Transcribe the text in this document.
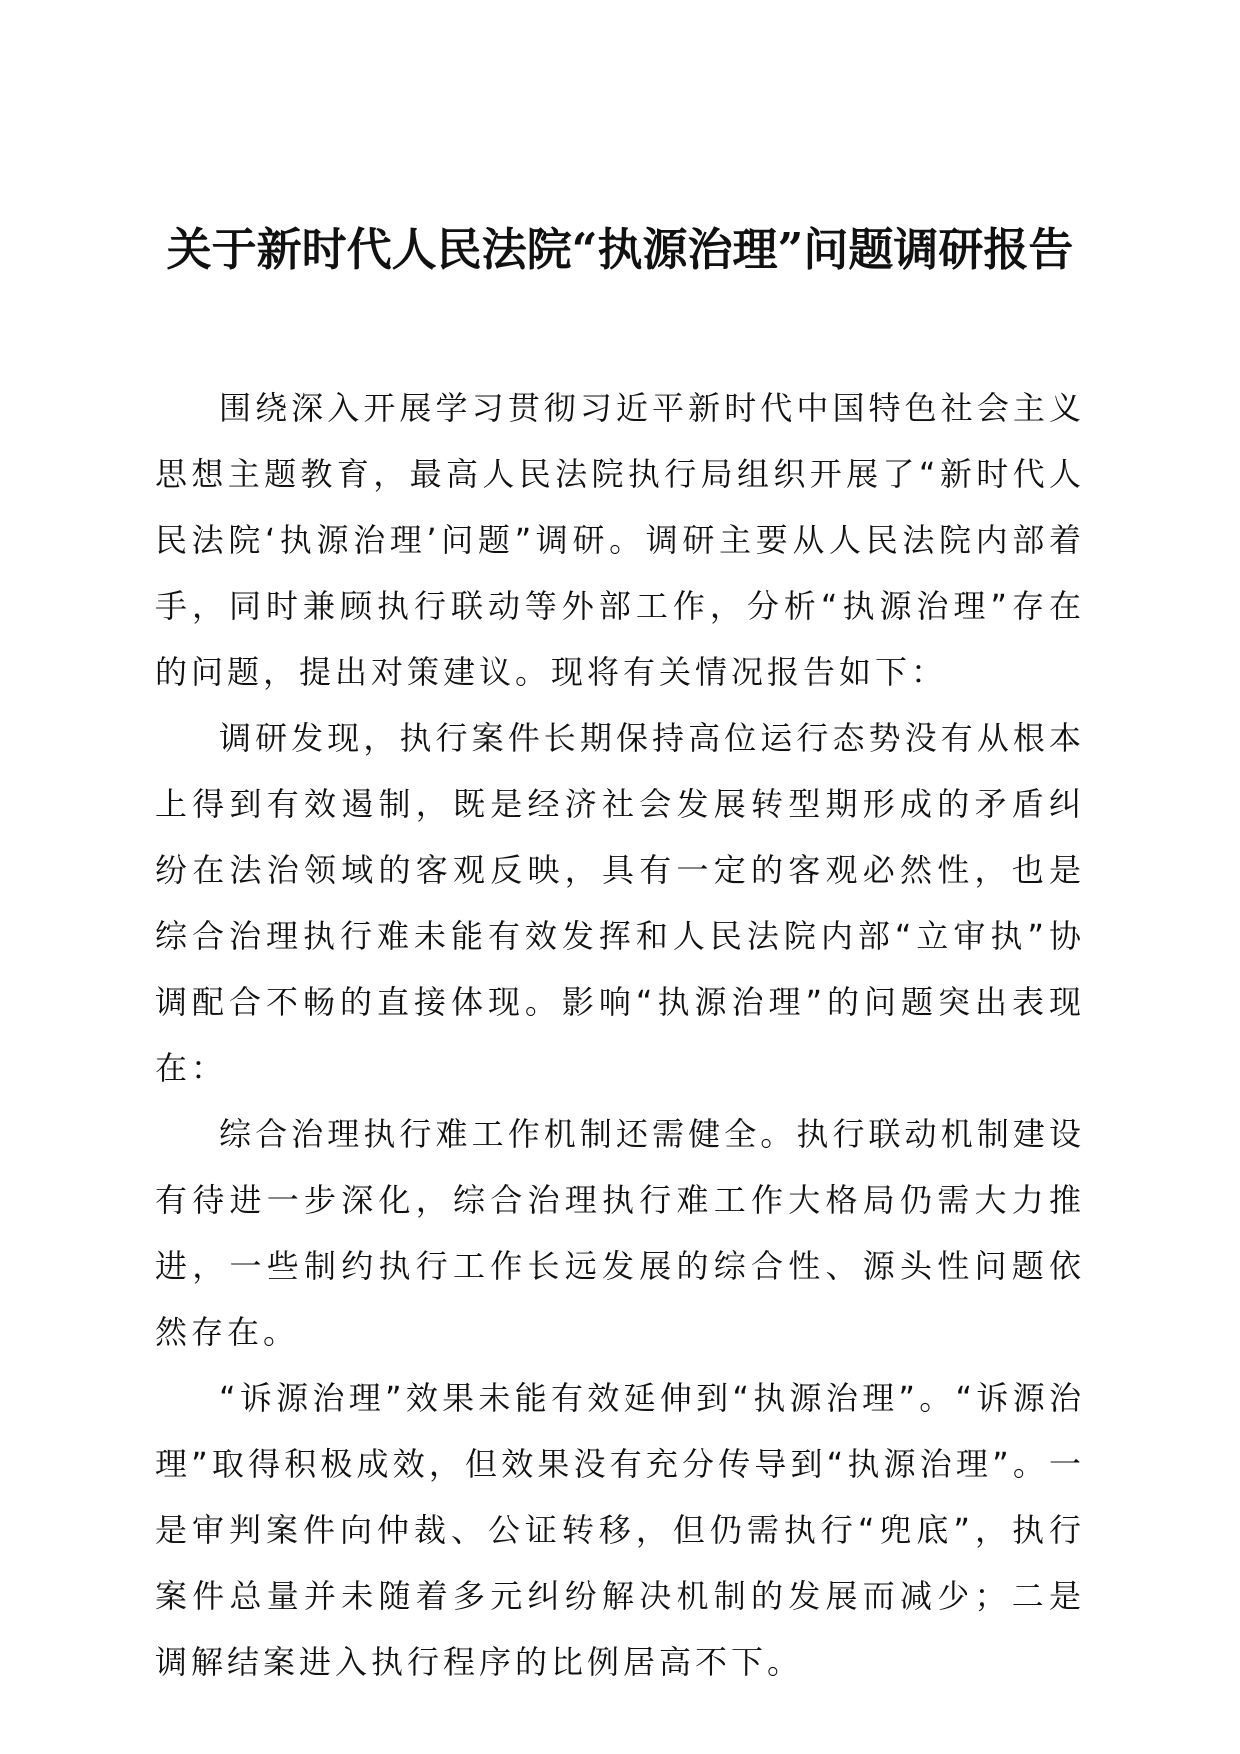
关于新时代人民法院“执源治理”问题调研报告

围绕深入开展学习贯彻习近平新时代中国特色社会主义思想主题教育，最高人民法院执行局组织开展了“新时代人民法院‘执源治理’问题”调研。调研主要从人民法院内部着手，同时兼顾执行联动等外部工作，分析“执源治理”存在的问题，提出对策建议。现将有关情况报告如下：

调研发现，执行案件长期保持高位运行态势没有从根本上得到有效遏制，既是经济社会发展转型期形成的矛盾纠纷在法治领域的客观反映，具有一定的客观必然性，也是综合治理执行难未能有效发挥和人民法院内部“立审执”协调配合不畅的直接体现。影响“执源治理”的问题突出表现在：

综合治理执行难工作机制还需健全。执行联动机制建设有待进一步深化，综合治理执行难工作大格局仍需大力推进，一些制约执行工作长远发展的综合性、源头性问题依然存在。

“诉源治理”效果未能有效延伸到“执源治理”。“诉源治理”取得积极成效，但效果没有充分传导到“执源治理”。一是审判案件向仲裁、公证转移，但仍需执行“兜底”，执行案件总量并未随着多元纠纷解决机制的发展而减少；二是调解结案进入执行程序的比例居高不下。
